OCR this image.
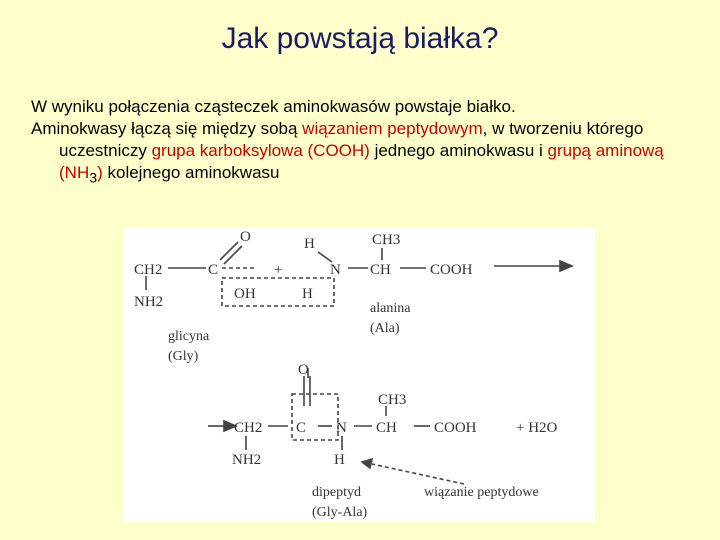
Jak powstają białka?

W wyniku połączenia cząsteczek aminokwasów powstaje białko.

Aminokwasy łączą się między sobą wiązaniem peptydowym, w tworzeniu którego uczestniczy grupa karboksylowa (COOH) jednego aminokwasu i grupą aminową $(NH_3)$ kolejnego aminokwasu

O	H	CH3
CH2	C	+	N CH	COOH
NH2	OH	H
alanina
(Ala)
glicyna
(Gly)
O
CH3
CH2 C N CH COOH	+ H2O
NH2	H
dipeptyd
(Gly-Ala)
wiązanie peptydowe
